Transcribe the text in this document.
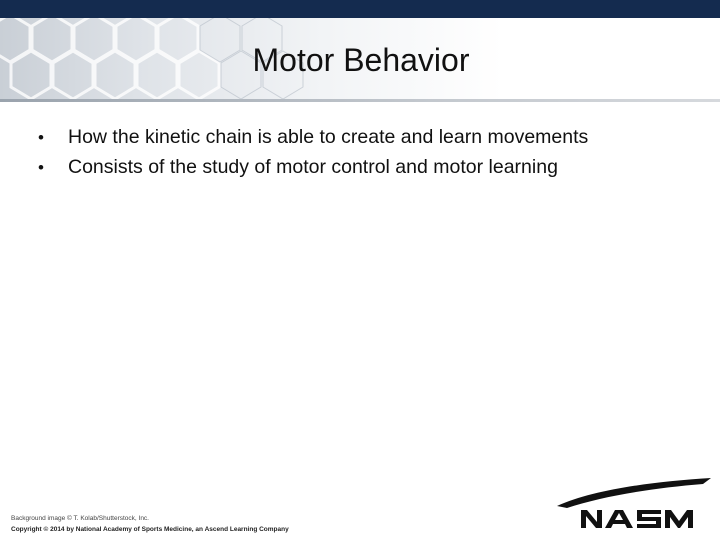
Motor Behavior
•	How the kinetic chain is able to create and learn movements
•	Consists of the study of motor control and motor learning
Background image © T. Kolab/Shutterstock, Inc.
Copyright © 2014 by National Academy of Sports Medicine, an Ascend Learning Company
